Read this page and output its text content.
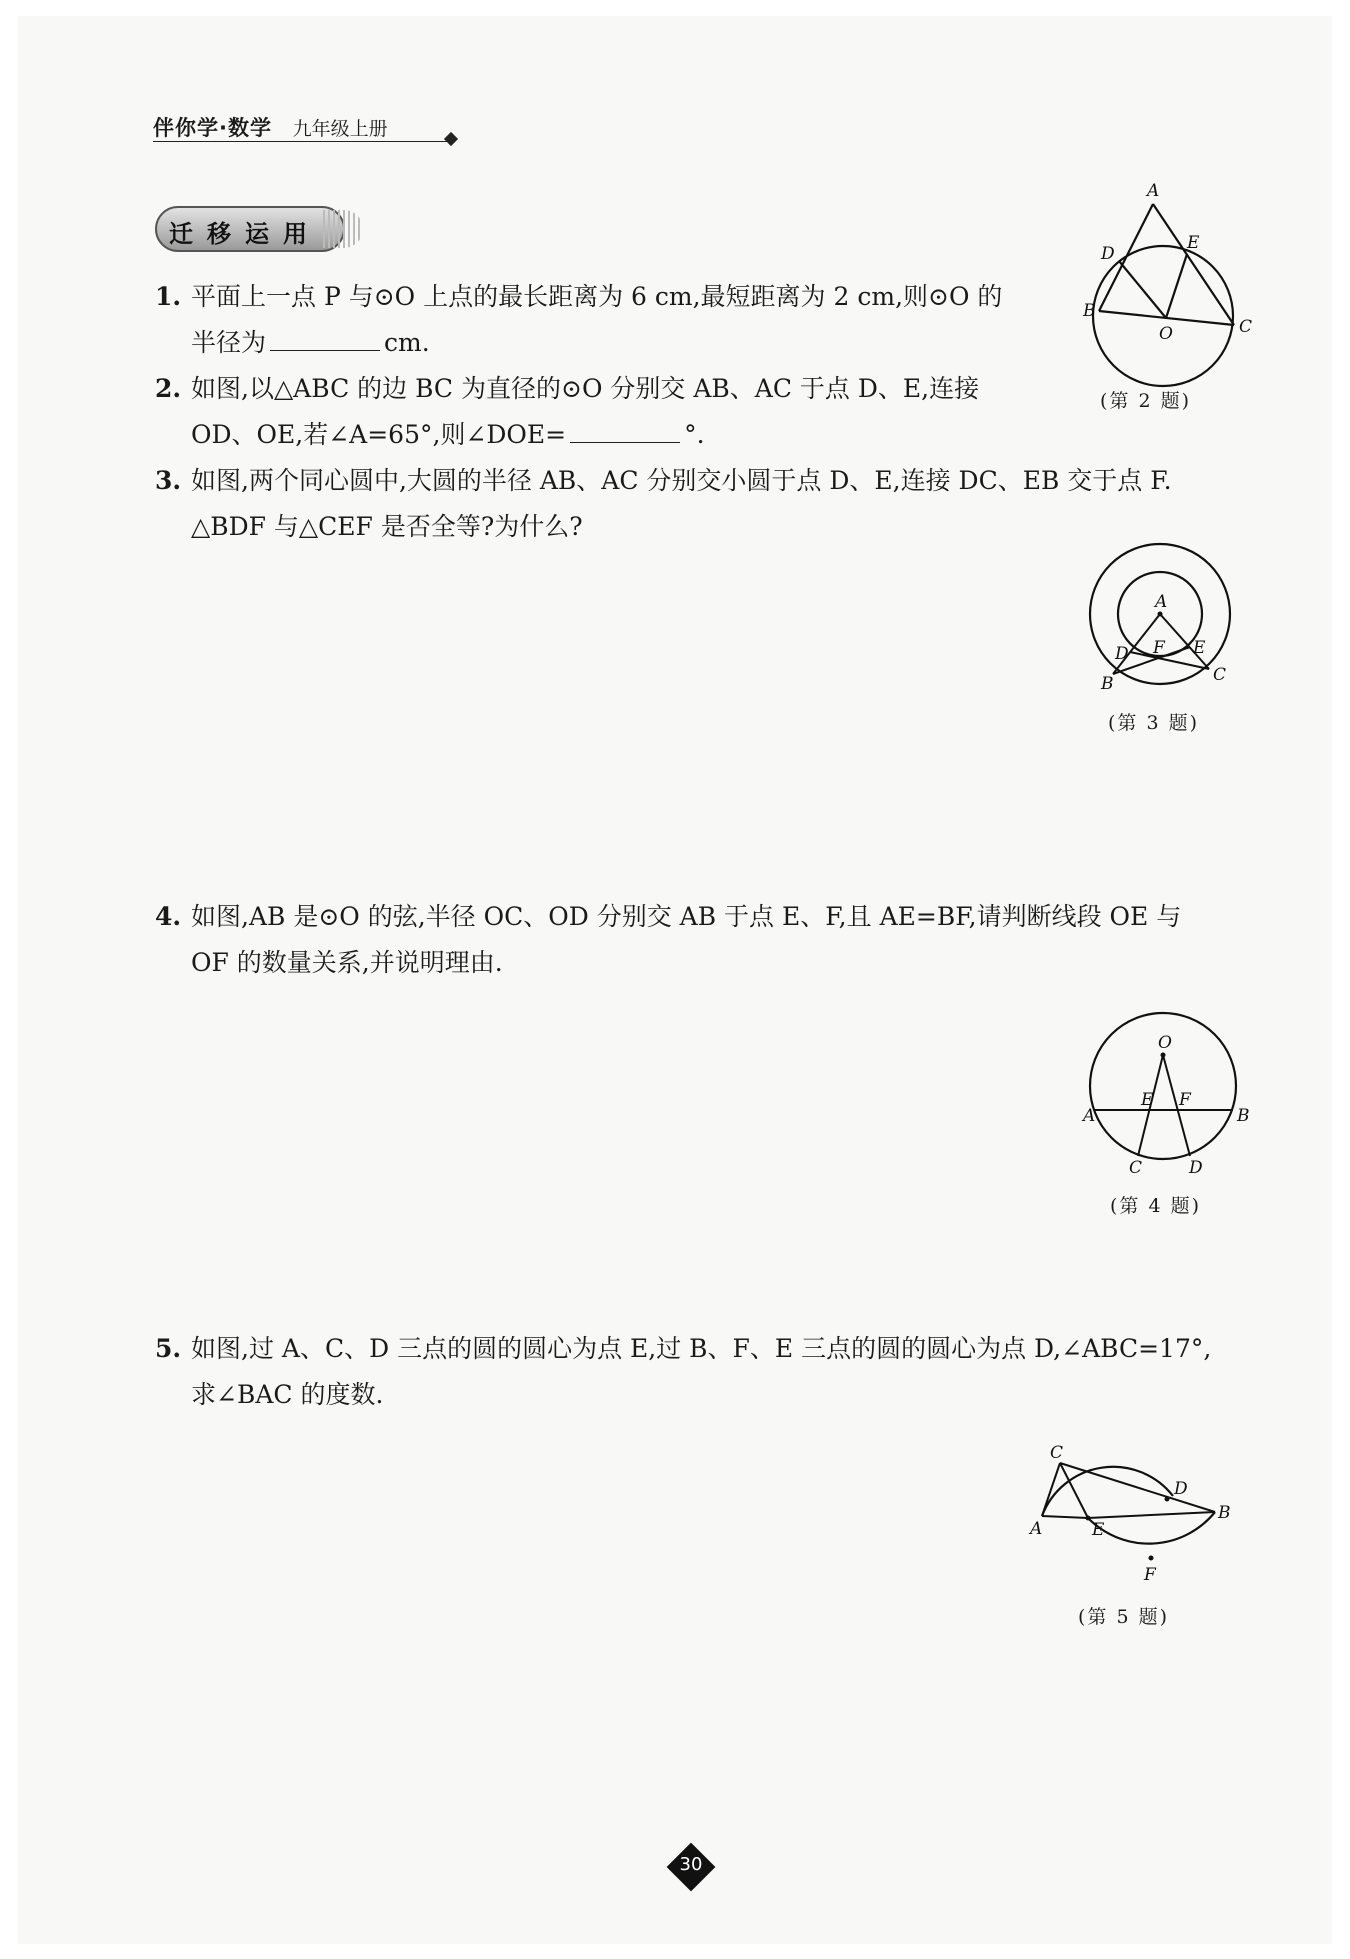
伴你学·数学 九年级上册
迁移运用
1. 平面上一点 P 与⊙O 上点的最长距离为 6 cm,最短距离为 2 cm,则⊙O 的
半径为	cm.
2. 如图,以△ABC 的边 BC 为直径的⊙O 分别交 AB、AC 于点 D、E,连接
OD、OE,若∠A=65°,则∠DOE=	°.
3. 如图,两个同心圆中,大圆的半径 AB、AC 分别交小圆于点 D、E,连接 DC、EB 交于点 F.
△BDF 与△CEF 是否全等?为什么?
4. 如图,AB 是⊙O 的弦,半径 OC、OD 分别交 AB 于点 E、F,且 AE=BF,请判断线段 OE 与
OF 的数量关系,并说明理由.
5. 如图,过 A、C、D 三点的圆的圆心为点 E,过 B、F、E 三点的圆的圆心为点 D,∠ABC=17°,
求∠BAC 的度数.
A
B
C
D
E
O
(第 2 题)
A
B	C
D	E
F
(第 3 题)
O
A	B
C	D
E F
(第 4 题)
A
B
C
D
E
F
(第 5 题)
30
